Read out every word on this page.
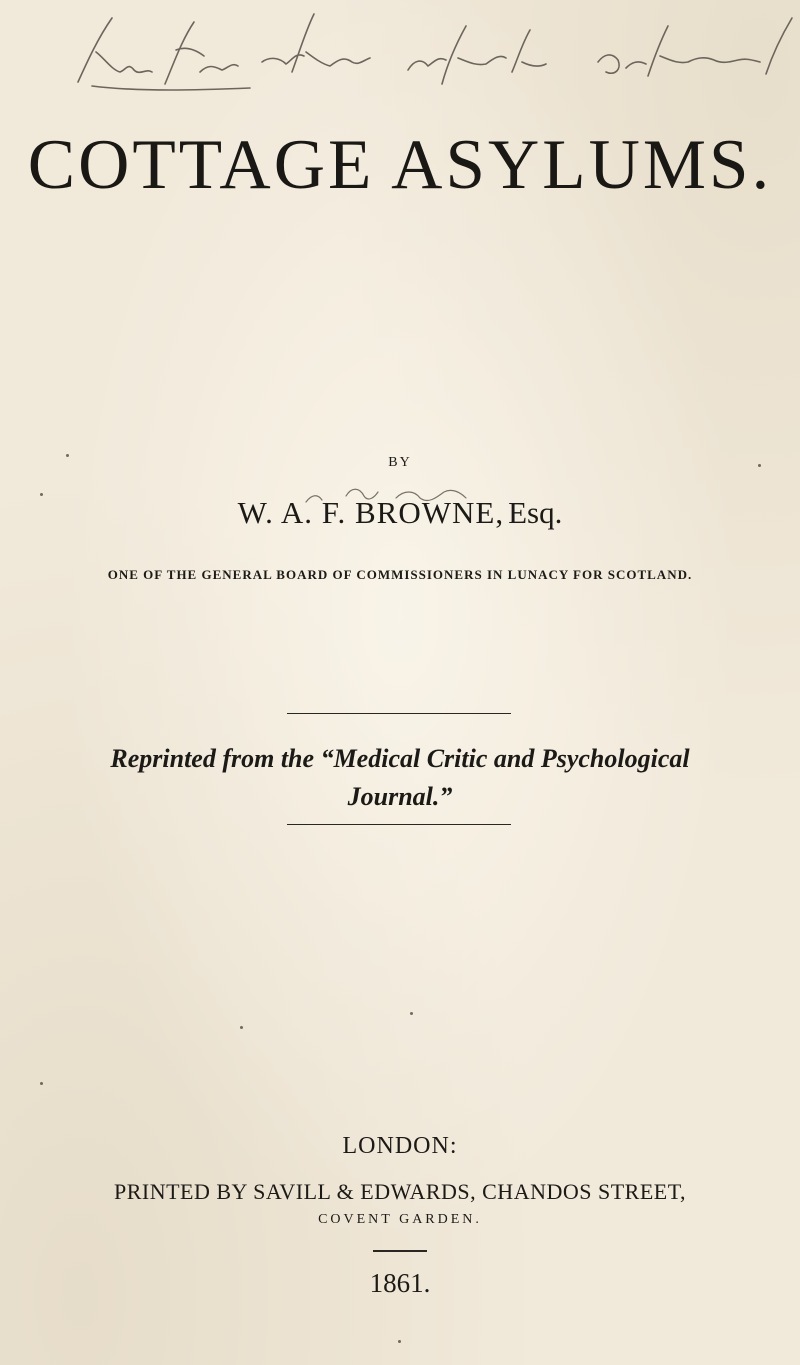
COTTAGE ASYLUMS.
BY
W. A. F. BROWNE, Esq.
ONE OF THE GENERAL BOARD OF COMMISSIONERS IN LUNACY FOR SCOTLAND.
Reprinted from the “Medical Critic and Psychological Journal.”
LONDON:
PRINTED BY SAVILL & EDWARDS, CHANDOS STREET,
COVENT GARDEN.
1861.
